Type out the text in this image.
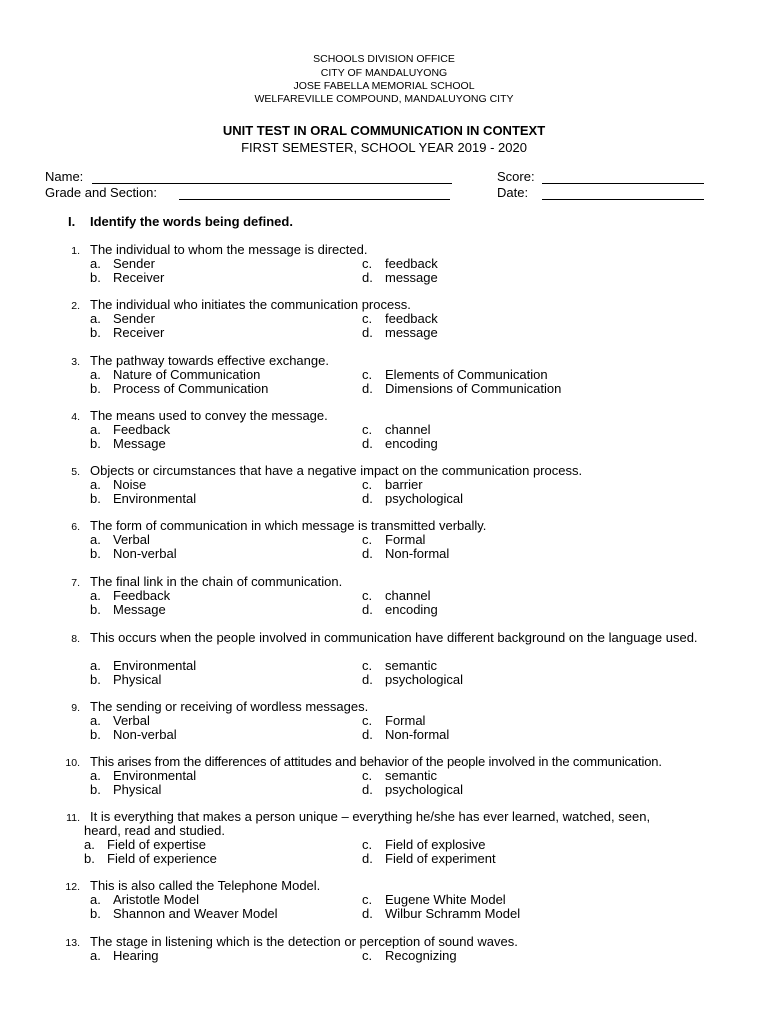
SCHOOLS DIVISION OFFICE
CITY OF MANDALUYONG
JOSE FABELLA MEMORIAL SCHOOL
WELFAREVILLE COMPOUND, MANDALUYONG CITY
UNIT TEST IN ORAL COMMUNICATION IN CONTEXT
FIRST SEMESTER, SCHOOL YEAR 2019 - 2020
Name:
Grade and Section:
Score:
Date:
I. Identify the words being defined.
1. The individual to whom the message is directed.
a. Sender	c. feedback
b. Receiver	d. message
2. The individual who initiates the communication process.
a. Sender	c. feedback
b. Receiver	d. message
3. The pathway towards effective exchange.
a. Nature of Communication	c. Elements of Communication
b. Process of Communication	d. Dimensions of Communication
4. The means used to convey the message.
a. Feedback	c. channel
b. Message	d. encoding
5. Objects or circumstances that have a negative impact on the communication process.
a. Noise	c. barrier
b. Environmental	d. psychological
6. The form of communication in which message is transmitted verbally.
a. Verbal	c. Formal
b. Non-verbal	d. Non-formal
7. The final link in the chain of communication.
a. Feedback	c. channel
b. Message	d. encoding
8. This occurs when the people involved in communication have different background on the language used.
a. Environmental	c. semantic
b. Physical	d. psychological
9. The sending or receiving of wordless messages.
a. Verbal	c. Formal
b. Non-verbal	d. Non-formal
10. This arises from the differences of attitudes and behavior of the people involved in the communication.
a. Environmental	c. semantic
b. Physical	d. psychological
11. It is everything that makes a person unique – everything he/she has ever learned, watched, seen, heard, read and studied.
a. Field of expertise	c. Field of explosive
b. Field of experience	d. Field of experiment
12. This is also called the Telephone Model.
a. Aristotle Model	c. Eugene White Model
b. Shannon and Weaver Model	d. Wilbur Schramm Model
13. The stage in listening which is the detection or perception of sound waves.
a. Hearing	c. Recognizing
